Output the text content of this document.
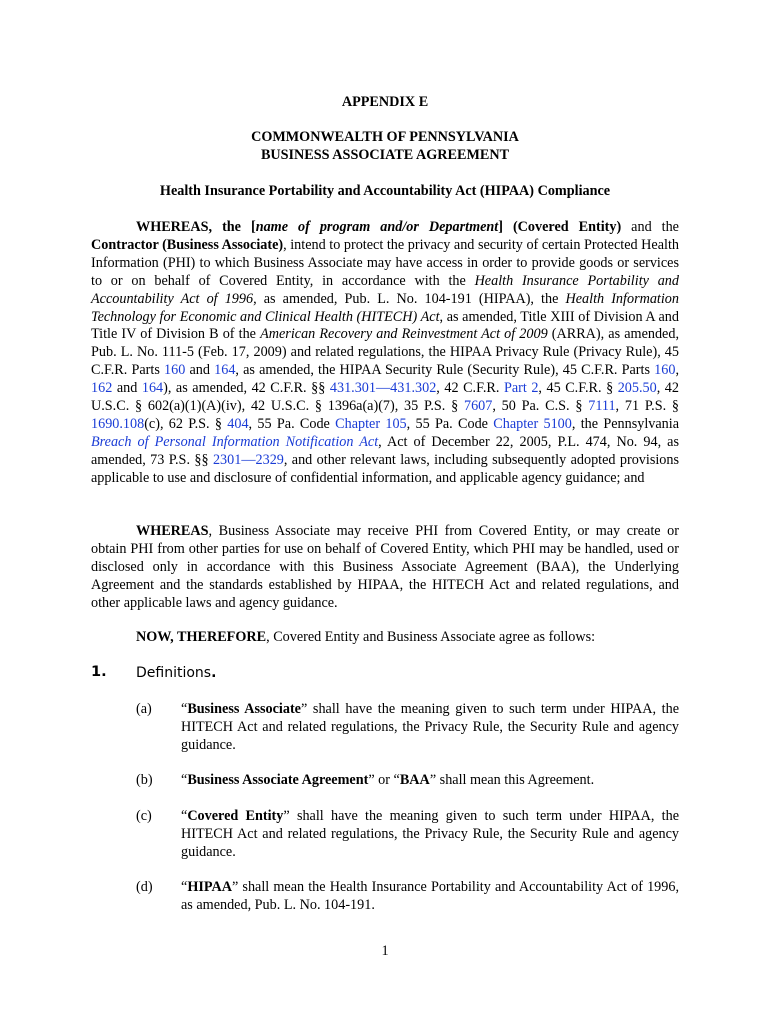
APPENDIX E
COMMONWEALTH OF PENNSYLVANIA
BUSINESS ASSOCIATE AGREEMENT
Health Insurance Portability and Accountability Act (HIPAA) Compliance
WHEREAS, the [name of program and/or Department] (Covered Entity) and the Contractor (Business Associate), intend to protect the privacy and security of certain Protected Health Information (PHI) to which Business Associate may have access in order to provide goods or services to or on behalf of Covered Entity, in accordance with the Health Insurance Portability and Accountability Act of 1996, as amended, Pub. L. No. 104-191 (HIPAA), the Health Information Technology for Economic and Clinical Health (HITECH) Act, as amended, Title XIII of Division A and Title IV of Division B of the American Recovery and Reinvestment Act of 2009 (ARRA), as amended, Pub. L. No. 111-5 (Feb. 17, 2009) and related regulations, the HIPAA Privacy Rule (Privacy Rule), 45 C.F.R. Parts 160 and 164, as amended, the HIPAA Security Rule (Security Rule), 45 C.F.R. Parts 160, 162 and 164), as amended, 42 C.F.R. §§ 431.301—431.302, 42 C.F.R. Part 2, 45 C.F.R. § 205.50, 42 U.S.C. § 602(a)(1)(A)(iv), 42 U.S.C. § 1396a(a)(7), 35 P.S. § 7607, 50 Pa. C.S. § 7111, 71 P.S. § 1690.108(c), 62 P.S. § 404, 55 Pa. Code Chapter 105, 55 Pa. Code Chapter 5100, the Pennsylvania Breach of Personal Information Notification Act, Act of December 22, 2005, P.L. 474, No. 94, as amended, 73 P.S. §§ 2301—2329, and other relevant laws, including subsequently adopted provisions applicable to use and disclosure of confidential information, and applicable agency guidance; and
WHEREAS, Business Associate may receive PHI from Covered Entity, or may create or obtain PHI from other parties for use on behalf of Covered Entity, which PHI may be handled, used or disclosed only in accordance with this Business Associate Agreement (BAA), the Underlying Agreement and the standards established by HIPAA, the HITECH Act and related regulations, and other applicable laws and agency guidance.
NOW, THEREFORE, Covered Entity and Business Associate agree as follows:
1. Definitions.
(a) “Business Associate” shall have the meaning given to such term under HIPAA, the HITECH Act and related regulations, the Privacy Rule, the Security Rule and agency guidance.
(b) “Business Associate Agreement” or “BAA” shall mean this Agreement.
(c) “Covered Entity” shall have the meaning given to such term under HIPAA, the HITECH Act and related regulations, the Privacy Rule, the Security Rule and agency guidance.
(d) “HIPAA” shall mean the Health Insurance Portability and Accountability Act of 1996, as amended, Pub. L. No. 104-191.
1
